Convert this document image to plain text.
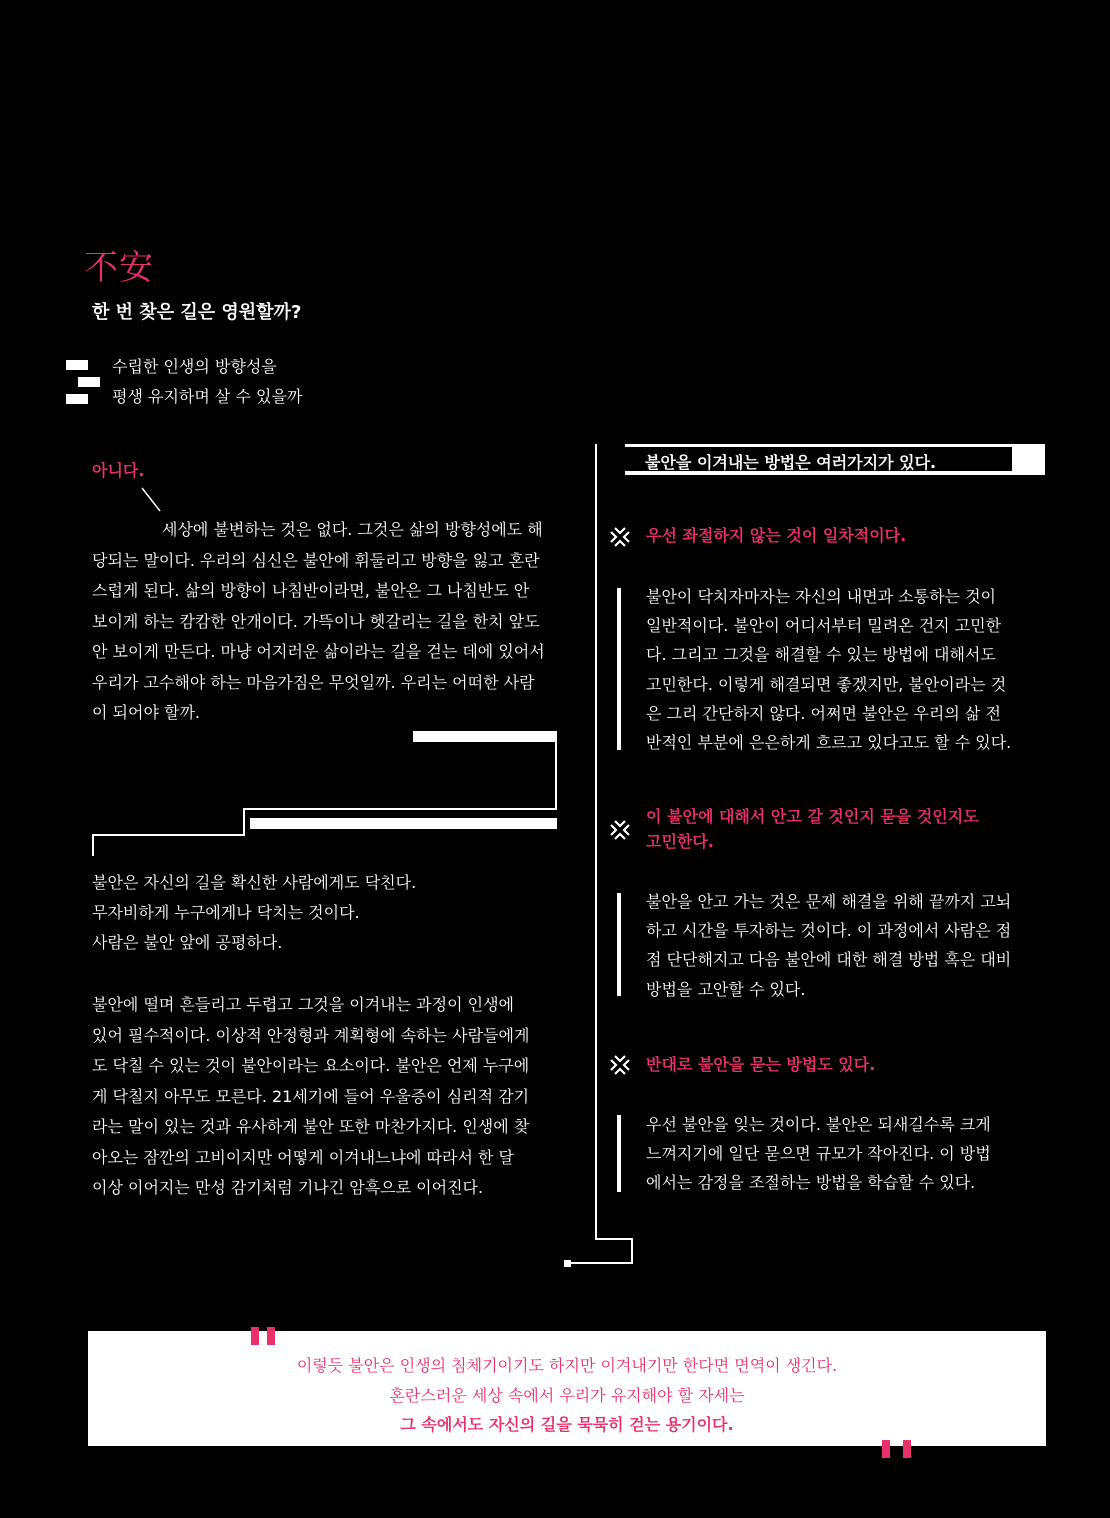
不安
한 번 찾은 길은 영원할까?
수립한 인생의 방향성을
평생 유지하며 살 수 있을까
아니다.
세상에 불변하는 것은 없다. 그것은 삶의 방향성에도 해
당되는 말이다. 우리의 심신은 불안에 휘둘리고 방향을 잃고 혼란
스럽게 된다. 삶의 방향이 나침반이라면, 불안은 그 나침반도 안
보이게 하는 캄캄한 안개이다. 가뜩이나 헷갈리는 길을 한치 앞도
안 보이게 만든다. 마냥 어지러운 삶이라는 길을 걷는 데에 있어서
우리가 고수해야 하는 마음가짐은 무엇일까. 우리는 어떠한 사람
이 되어야 할까.
불안은 자신의 길을 확신한 사람에게도 닥친다.
무자비하게 누구에게나 닥치는 것이다.
사람은 불안 앞에 공평하다.
불안에 떨며 흔들리고 두렵고 그것을 이겨내는 과정이 인생에
있어 필수적이다. 이상적 안정형과 계획형에 속하는 사람들에게
도 닥칠 수 있는 것이 불안이라는 요소이다. 불안은 언제 누구에
게 닥칠지 아무도 모른다. 21세기에 들어 우울증이 심리적 감기
라는 말이 있는 것과 유사하게 불안 또한 마찬가지다. 인생에 찾
아오는 잠깐의 고비이지만 어떻게 이겨내느냐에 따라서 한 달
이상 이어지는 만성 감기처럼 기나긴 암흑으로 이어진다.
불안을 이겨내는 방법은 여러가지가 있다.
우선 좌절하지 않는 것이 일차적이다.
불안이 닥치자마자는 자신의 내면과 소통하는 것이
일반적이다. 불안이 어디서부터 밀려온 건지 고민한
다. 그리고 그것을 해결할 수 있는 방법에 대해서도
고민한다. 이렇게 해결되면 좋겠지만, 불안이라는 것
은 그리 간단하지 않다. 어쩌면 불안은 우리의 삶 전
반적인 부분에 은은하게 흐르고 있다고도 할 수 있다.
이 불안에 대해서 안고 갈 것인지 묻을 것인지도
고민한다.
불안을 안고 가는 것은 문제 해결을 위해 끝까지 고뇌
하고 시간을 투자하는 것이다. 이 과정에서 사람은 점
점 단단해지고 다음 불안에 대한 해결 방법 혹은 대비
방법을 고안할 수 있다.
반대로 불안을 묻는 방법도 있다.
우선 불안을 잊는 것이다. 불안은 되새길수록 크게
느껴지기에 일단 묻으면 규모가 작아진다. 이 방법
에서는 감정을 조절하는 방법을 학습할 수 있다.
이렇듯 불안은 인생의 침체기이기도 하지만 이겨내기만 한다면 면역이 생긴다.
혼란스러운 세상 속에서 우리가 유지해야 할 자세는
그 속에서도 자신의 길을 묵묵히 걷는 용기이다.
